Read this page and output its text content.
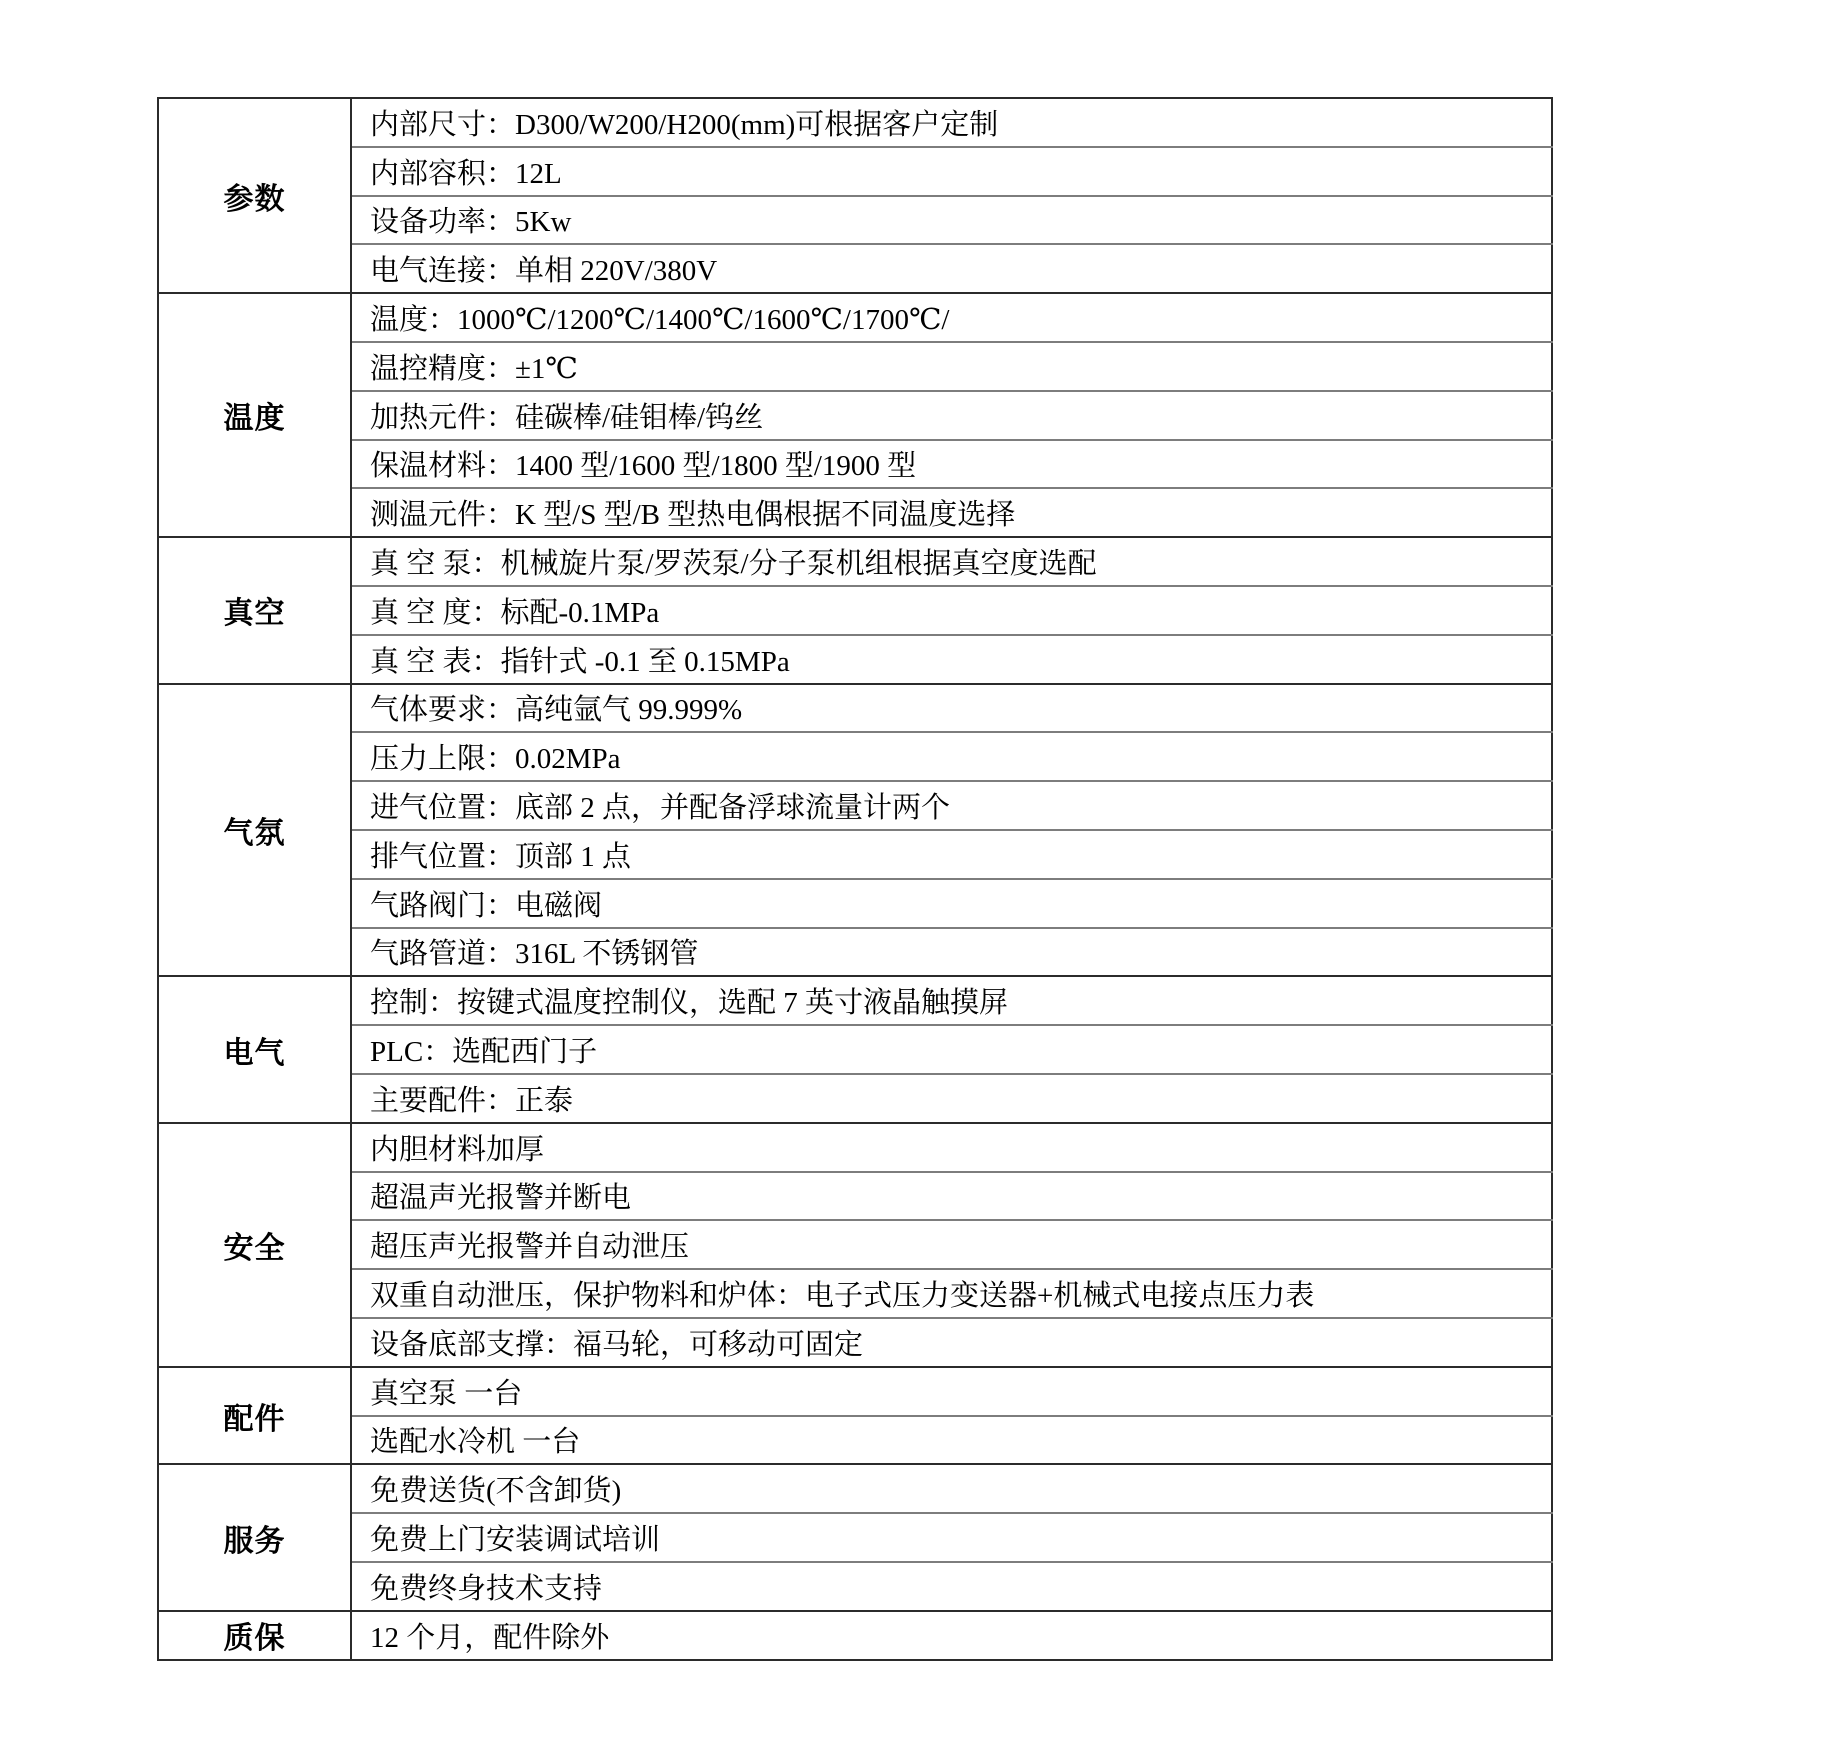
参数	内部尺寸：D300/W200/H200(mm)可根据客户定制
	内部容积：12L
	设备功率：5Kw
	电气连接：单相 220V/380V
温度	温度：1000℃/1200℃/1400℃/1600℃/1700℃/
	温控精度：±1℃
	加热元件：硅碳棒/硅钼棒/钨丝
	保温材料：1400 型/1600 型/1800 型/1900 型
	测温元件：K 型/S 型/B 型热电偶根据不同温度选择
真空	真 空 泵：机械旋片泵/罗茨泵/分子泵机组根据真空度选配
	真 空 度：标配-0.1MPa
	真 空 表：指针式 -0.1 至 0.15MPa
气氛	气体要求：高纯氩气 99.999%
	压力上限：0.02MPa
	进气位置：底部 2 点，并配备浮球流量计两个
	排气位置：顶部 1 点
	气路阀门：电磁阀
	气路管道：316L 不锈钢管
电气	控制：按键式温度控制仪，选配 7 英寸液晶触摸屏
	PLC：选配西门子
	主要配件：正泰
安全	内胆材料加厚
	超温声光报警并断电
	超压声光报警并自动泄压
	双重自动泄压，保护物料和炉体：电子式压力变送器+机械式电接点压力表
	设备底部支撑：福马轮，可移动可固定
配件	真空泵 一台
	选配水冷机 一台
服务	免费送货(不含卸货)
	免费上门安装调试培训
	免费终身技术支持
质保	12 个月，配件除外
